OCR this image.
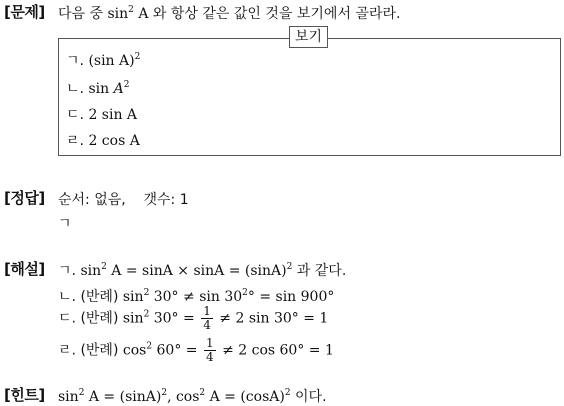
[문제] 다음 중 $\sin^2 A$ 와 항상 같은 값인 것을 보기에서 골라라.
보기
ㄱ. (sin A)$^2$
ㄴ. $\sin A^2$
ㄷ. 2 sin A
ㄹ. 2 cos A
[정답] 순서: 없음,    갯수: 1
ㄱ
[해설] ㄱ. $\sin^2 A = \sin A \times \sin A = (\sin A)^2$ 과 같다.
ㄴ. (반례) $\sin^2 30^\circ \ne \sin 30^2^\circ = \sin 900^\circ$
ㄷ. (반례) $\sin^2 30^\circ = \frac{1}{4} \ne 2$ sin 30° = 1
ㄹ. (반례) $\cos^2 60^\circ = \frac{1}{4} \ne 2$ cos 60° = 1
[힌트] $\sin^2 A = (\sin A)^2$, $\cos^2 A = (\cos A)^2$ 이다.
